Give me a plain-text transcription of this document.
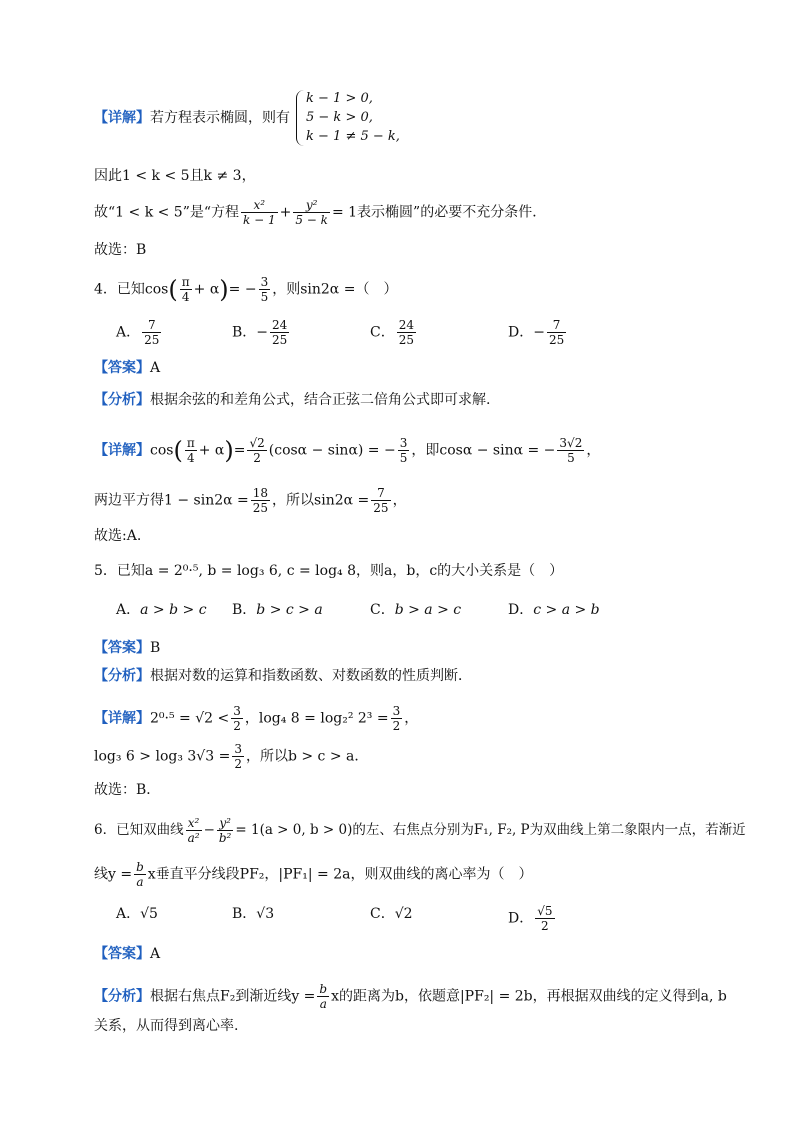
【详解】若方程表示椭圆，则有
k − 1 > 0,
5 − k > 0,
k − 1 ≠ 5 − k,
因此1 < k < 5且k ≠ 3，
故“1 < k < 5”是“方程 $\frac{\text{x²}}{k - 1} + \frac{\text{y²}}{5 - k} = 1$表示椭圆”的必要不充分条件．
故选：B
4．已知$\cos( \frac{\pi}{4} + \alpha)= - \frac{3}{5}$ ，则sin2α =（　）
A． $\frac{7}{25}$	B．− $\frac{24}{25}$	C． $\frac{24}{25}$	D．− $\frac{7}{25}$
【答案】A
【分析】根据余弦的和差角公式，结合正弦二倍角公式即可求解.
【详解】$\cos( \frac{\pi}{4} + \alpha)= \frac{√2}{2} (\cos\alpha - \sin\alpha)$ = − $\frac{3}{5}$ ，即cosα − sinα = − $\frac{3√2}{5}$ ，
两边平方得$1 - \sin 2\alpha = \frac{18}{25}$ ，所以$\sin 2\alpha = \frac{7}{25}$ ，
故选:A.
5．已知a = 2⁰·⁵, b = log₃ 6, c = log₄ 8，则a，b，c的大小关系是（　）
A．a > b > c B．b > c > a	C．b > a > c	D．c > a > b
【答案】B
【分析】根据对数的运算和指数函数、对数函数的性质判断．
【详解】$2^0\cdot^5 = √2 < \frac{3}{2}$ ，log₄ 8 = log₂² $2^3 = \frac{3}{2}$ ，
log₃ 6 > log₃ $3√3 = \frac{3}{2}$ ，所以b > c > a．
故选：B．
6．已知双曲线 $\frac{\text{x²}}{\text{a²}} - \frac{\text{y²}}{\text{b²}} = 1(a > 0$, b > 0)的左、右焦点分别为F₁, F₂, P为双曲线上第二象限内一点，若渐近
线$y = \frac{b}{a}$ x垂直平分线段PF₂，|PF₁| = 2a，则双曲线的离心率为（　）
A．√5	B．√3	C．√2	D． $\frac{√5}{2}$
【答案】A
【分析】根据右焦点F₂到渐近线$y = \frac{b}{a}$ x的距离为b，依题意|PF₂| = 2b，再根据双曲线的定义得到a, b
关系，从而得到离心率.
